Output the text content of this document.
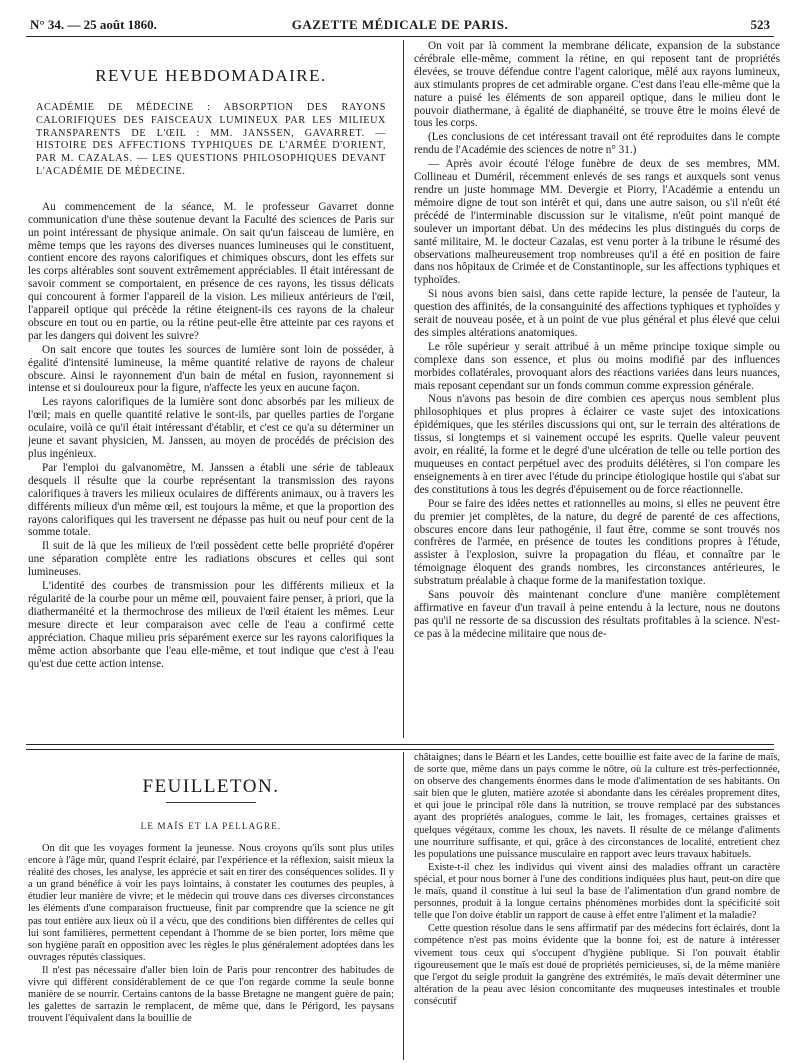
GAZETTE MÉDICALE DE PARIS.
N° 34. — 25 août 1860.	523
REVUE HEBDOMADAIRE.
ACADÉMIE DE MÉDECINE : ABSORPTION DES RAYONS CALORIFIQUES DES FAISCEAUX LUMINEUX PAR LES MILIEUX TRANSPARENTS DE L'ŒIL : MM. JANSSEN, GAVARRET. — HISTOIRE DES AFFECTIONS TYPHIQUES DE L'ARMÉE D'ORIENT, PAR M. CAZALAS. — LES QUESTIONS PHILOSOPHIQUES DEVANT L'ACADÉMIE DE MÉDECINE.

Au commencement de la séance, M. le professeur Gavarret donne communication d'une thèse soutenue devant la Faculté des sciences de Paris sur un point intéressant de physique animale. On sait qu'un faisceau de lumière, en même temps que les rayons des diverses nuances lumineuses qui le constituent, contient encore des rayons calorifiques et chimiques obscurs, dont les effets sur les corps altérables sont souvent extrêmement appréciables. Il était intéressant de savoir comment se comportaient, en présence de ces rayons, les tissus délicats qui concourent à former l'appareil de la vision. Les milieux antérieurs de l'œil, l'appareil optique qui précède la rétine éteignent-ils ces rayons de la chaleur obscure en tout ou en partie, ou la rétine peut-elle être atteinte par ces rayons et par les dangers qui doivent les suivre?

On sait encore que toutes les sources de lumière sont loin de posséder, à égalité d'intensité lumineuse, la même quantité relative de rayons de chaleur obscure. Ainsi le rayonnement d'un bain de métal en fusion, rayonnement si intense et si douloureux pour la figure, n'affecte les yeux en aucune façon.

Les rayons calorifiques de la lumière sont donc absorbés par les milieux de l'œil; mais en quelle quantité relative le sont-ils, par quelles parties de l'organe oculaire, voilà ce qu'il était intéressant d'établir, et c'est ce qu'a su déterminer un jeune et savant physicien, M. Janssen, au moyen de procédés de précision des plus ingénieux.

Par l'emploi du galvanomètre, M. Janssen a établi une série de tableaux desquels il résulte que la courbe représentant la transmission des rayons calorifiques à travers les milieux oculaires de différents animaux, ou à travers les différents milieux d'un même œil, est toujours la même, et que la proportion des rayons calorifiques qui les traversent ne dépasse pas huit ou neuf pour cent de la somme totale.

Il suit de là que les milieux de l'œil possèdent cette belle propriété d'opérer une séparation complète entre les radiations obscures et celles qui sont lumineuses.

L'identité des courbes de transmission pour les différents milieux et la régularité de la courbe pour un même œil, pouvaient faire penser, à priori, que la diathermanéité et la thermochrose des milieux de l'œil étaient les mêmes. Leur mesure directe et leur comparaison avec celle de l'eau a confirmé cette appréciation. Chaque milieu pris séparément exerce sur les rayons calorifiques la même action absorbante que l'eau elle-même, et tout indique que c'est à l'eau qu'est due cette action intense.

On voit par là comment la membrane délicate, expansion de la substance cérébrale elle-même, comment la rétine, en qui reposent tant de propriétés élevées, se trouve défendue contre l'agent calorique, mêlé aux rayons lumineux, aux stimulants propres de cet admirable organe. C'est dans l'eau elle-même que la nature a puisé les éléments de son appareil optique, dans le milieu dont le pouvoir diathermane, à égalité de diaphanéité, se trouve être le moins élevé de tous les corps.

(Les conclusions de cet intéressant travail ont été reproduites dans le compte rendu de l'Académie des sciences de notre n° 31.)

— Après avoir écouté l'éloge funèbre de deux de ses membres, MM. Collineau et Duméril, récemment enlevés de ses rangs et auxquels sont venus rendre un juste hommage MM. Devergie et Piorry, l'Académie a entendu un mémoire digne de tout son intérêt et qui, dans une autre saison, ou s'il n'eût été précédé de l'interminable discussion sur le vitalisme, n'eût point manqué de soulever un important débat. Un des médecins les plus distingués du corps de santé militaire, M. le docteur Cazalas, est venu porter à la tribune le résumé des observations malheureusement trop nombreuses qu'il a été en position de faire dans nos hôpitaux de Crimée et de Constantinople, sur les affections typhiques et typhoïdes.

Si nous avons bien saisi, dans cette rapide lecture, la pensée de l'auteur, la question des affinités, de la consanguinité des affections typhiques et typhoïdes y serait de nouveau posée, et à un point de vue plus général et plus élevé que celui des simples altérations anatomiques.

Le rôle supérieur y serait attribué à un même principe toxique simple ou complexe dans son essence, et plus ou moins modifié par des influences morbides collatérales, provoquant alors des réactions variées dans leurs nuances, mais reposant cependant sur un fonds commun comme expression générale.

Nous n'avons pas besoin de dire combien ces aperçus nous semblent plus philosophiques et plus propres à éclairer ce vaste sujet des intoxications épidémiques, que les stériles discussions qui ont, sur le terrain des altérations de tissus, si longtemps et si vainement occupé les esprits. Quelle valeur peuvent avoir, en réalité, la forme et le degré d'une ulcération de telle ou telle portion des muqueuses en contact perpétuel avec des produits délétères, si l'on compare les enseignements à en tirer avec l'étude du principe étiologique hostile qui s'abat sur des constitutions à tous les degrés d'épuisement ou de force réactionnelle.

Pour se faire des idées nettes et rationnelles au moins, si elles ne peuvent être du premier jet complètes, de la nature, du degré de parenté de ces affections, obscures encore dans leur pathogénie, il faut être, comme se sont trouvés nos confrères de l'armée, en présence de toutes les conditions propres à l'étude, assister à l'explosion, suivre la propagation du fléau, et connaître par le témoignage éloquent des grands nombres, les circonstances antérieures, le substratum préalable à chaque forme de la manifestation toxique.

Sans pouvoir dès maintenant conclure d'une manière complètement affirmative en faveur d'un travail à peine entendu à la lecture, nous ne doutons pas qu'il ne ressorte de sa discussion des résultats profitables à la science. N'est-ce pas à la médecine militaire que nous de-

FEUILLETON.
LE MAÏS ET LA PELLAGRE.

On dit que les voyages forment la jeunesse. Nous croyons qu'ils sont plus utiles encore à l'âge mûr, quand l'esprit éclairé, par l'expérience et la réflexion, saisit mieux la réalité des choses, les analyse, les apprécie et sait en tirer des conséquences solides. Il y a un grand bénéfice à voir les pays lointains, à constater les coutumes des peuples, à étudier leur manière de vivre; et le médecin qui trouve dans ces diverses circonstances les éléments d'une comparaison fructueuse, finit par comprendre que la science ne git pas tout entière aux lieux où il a vécu, que des conditions bien différentes de celles qui lui sont familières, permettent cependant à l'homme de se bien porter, lors même que son hygiène paraît en opposition avec les règles le plus généralement adoptées dans les ouvrages réputés classiques.

Il n'est pas nécessaire d'aller bien loin de Paris pour rencontrer des habitudes de vivre qui diffèrent considérablement de ce que l'on regarde comme la seule bonne manière de se nourrir. Certains cantons de la basse Bretagne ne mangent guère de pain; les galettes de sarrazin le remplacent, de même que, dans le Périgord, les paysans trouvent l'équivalent dans la bouillie de

châtaignes; dans le Béarn et les Landes, cette bouillie est faite avec de la farine de maïs, de sorte que, même dans un pays comme le nôtre, où la culture est très-perfectionnée, on observe des changements énormes dans le mode d'alimentation de ses habitants. On sait bien que le gluten, matière azotée si abondante dans les céréales proprement dites, et qui joue le principal rôle dans la nutrition, se trouve remplacé par des substances ayant des propriétés analogues, comme le lait, les fromages, certaines graisses et quelques végétaux, comme les choux, les navets. Il résulte de ce mélange d'aliments une nourriture suffisante, et qui, grâce à des circonstances de localité, entretient chez les populations une puissance musculaire en rapport avec leurs travaux habituels.

Existe-t-il chez les individus qui vivent ainsi des maladies offrant un caractère spécial, et pour nous borner à l'une des conditions indiquées plus haut, peut-on dire que le maïs, quand il constitue à lui seul la base de l'alimentation d'un grand nombre de personnes, produit à la longue certains phénomènes morbides dont la spécificité soit telle que l'on doive établir un rapport de cause à effet entre l'aliment et la maladie?

Cette question résolue dans le sens affirmatif par des médecins fort éclairés, dont la compétence n'est pas moins évidente que la bonne foi, est de nature à intéresser vivement tous ceux qui s'occupent d'hygiène publique. Si l'on pouvait établir rigoureusement que le maïs est doué de propriétés pernicieuses, si, de la même manière que l'ergot du seigle produit la gangrène des extrémités, le maïs devait déterminer une altération de la peau avec lésion concomitante des muqueuses intestinales et trouble consécutif
